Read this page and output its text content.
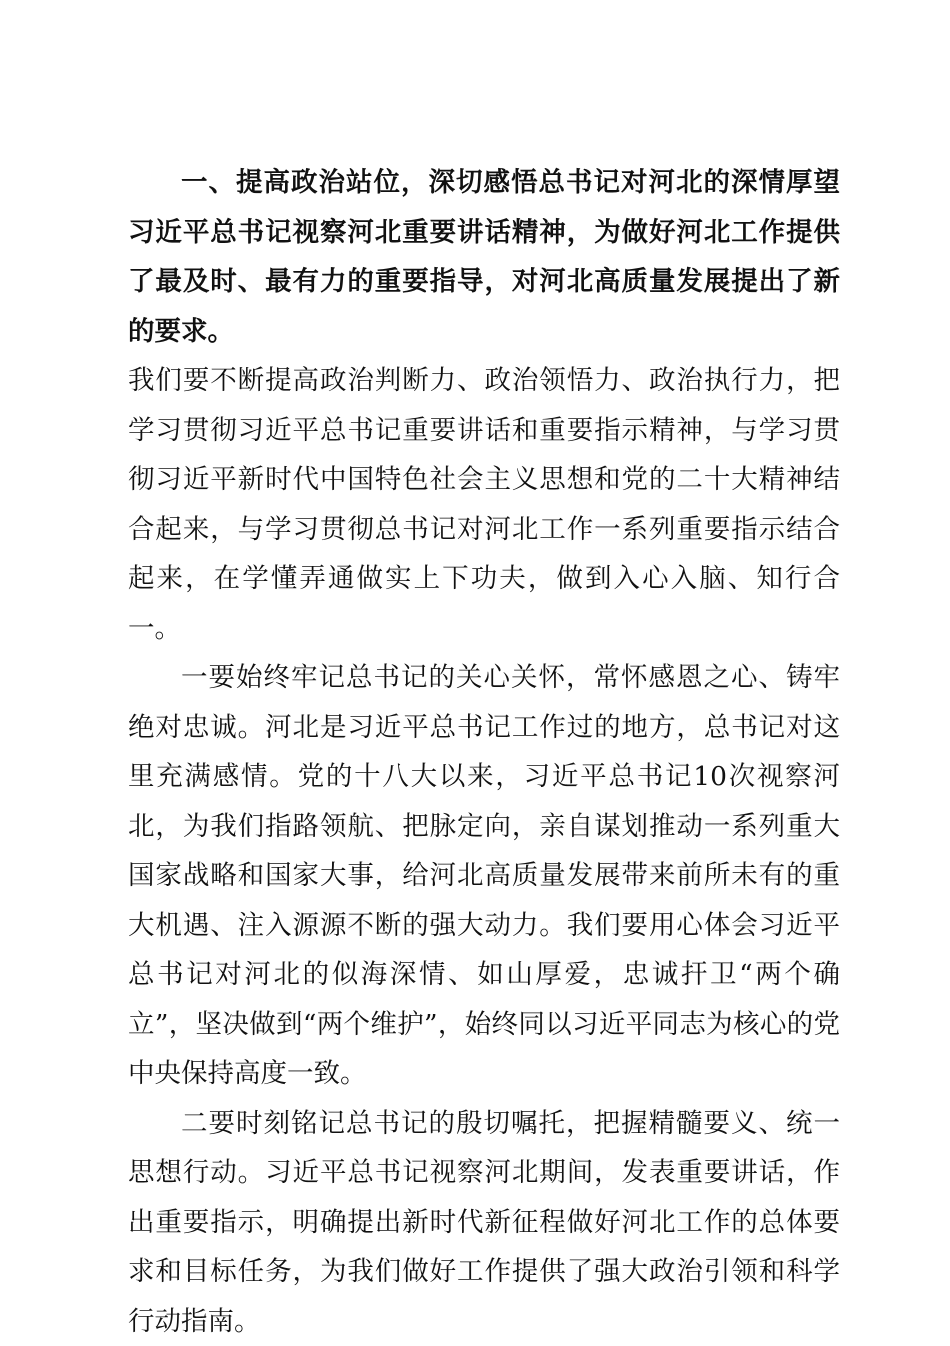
一、提高政治站位，深切感悟总书记对河北的深情厚望习近平总书记视察河北重要讲话精神，为做好河北工作提供了最及时、最有力的重要指导，对河北高质量发展提出了新的要求。

我们要不断提高政治判断力、政治领悟力、政治执行力，把学习贯彻习近平总书记重要讲话和重要指示精神，与学习贯彻习近平新时代中国特色社会主义思想和党的二十大精神结合起来，与学习贯彻总书记对河北工作一系列重要指示结合起来，在学懂弄通做实上下功夫，做到入心入脑、知行合一。

一要始终牢记总书记的关心关怀，常怀感恩之心、铸牢绝对忠诚。河北是习近平总书记工作过的地方，总书记对这里充满感情。党的十八大以来，习近平总书记10次视察河北，为我们指路领航、把脉定向，亲自谋划推动一系列重大国家战略和国家大事，给河北高质量发展带来前所未有的重大机遇、注入源源不断的强大动力。我们要用心体会习近平总书记对河北的似海深情、如山厚爱，忠诚扞卫“两个确立”，坚决做到“两个维护”，始终同以习近平同志为核心的党中央保持高度一致。

二要时刻铭记总书记的殷切嘱托，把握精髓要义、统一思想行动。习近平总书记视察河北期间，发表重要讲话，作出重要指示，明确提出新时代新征程做好河北工作的总体要求和目标任务，为我们做好工作提供了强大政治引领和科学行动指南。
